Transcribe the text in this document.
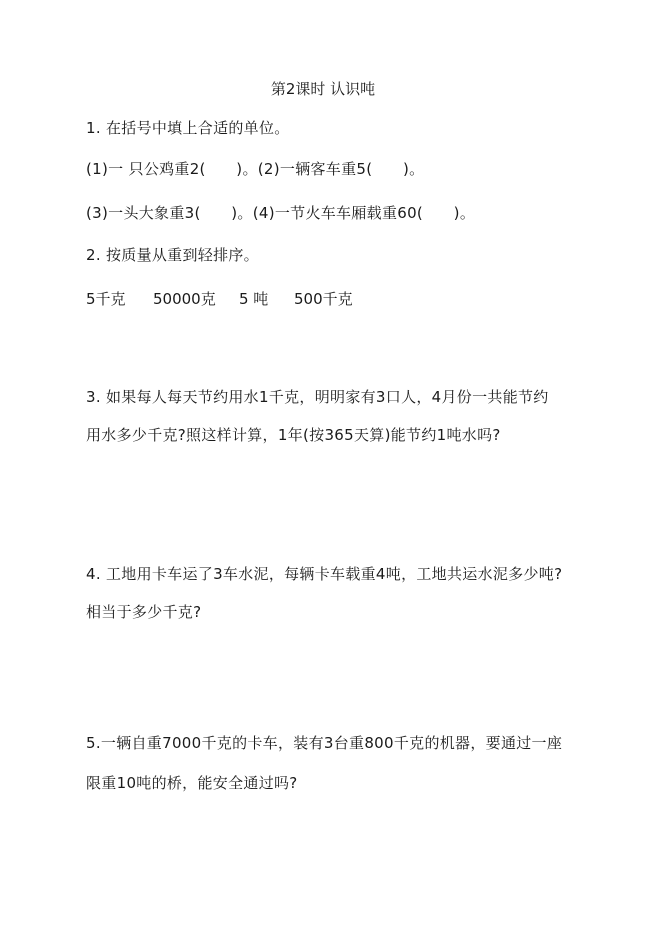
第2课时 认识吨
1. 在括号中填上合适的单位。
(1)一 只公鸡重2(　　)。(2)一辆客车重5(　　)。
(3)一头大象重3(　　)。(4)一节火车车厢载重60(　　)。
2. 按质量从重到轻排序。
5千克 50000克 5 吨 500千克
3. 如果每人每天节约用水1千克，明明家有3口人，4月份一共能节约
用水多少千克?照这样计算，1年(按365天算)能节约1吨水吗?
4. 工地用卡车运了3车水泥，每辆卡车载重4吨，工地共运水泥多少吨?
相当于多少千克?
5.一辆自重7000千克的卡车，装有3台重800千克的机器，要通过一座
限重10吨的桥，能安全通过吗?
